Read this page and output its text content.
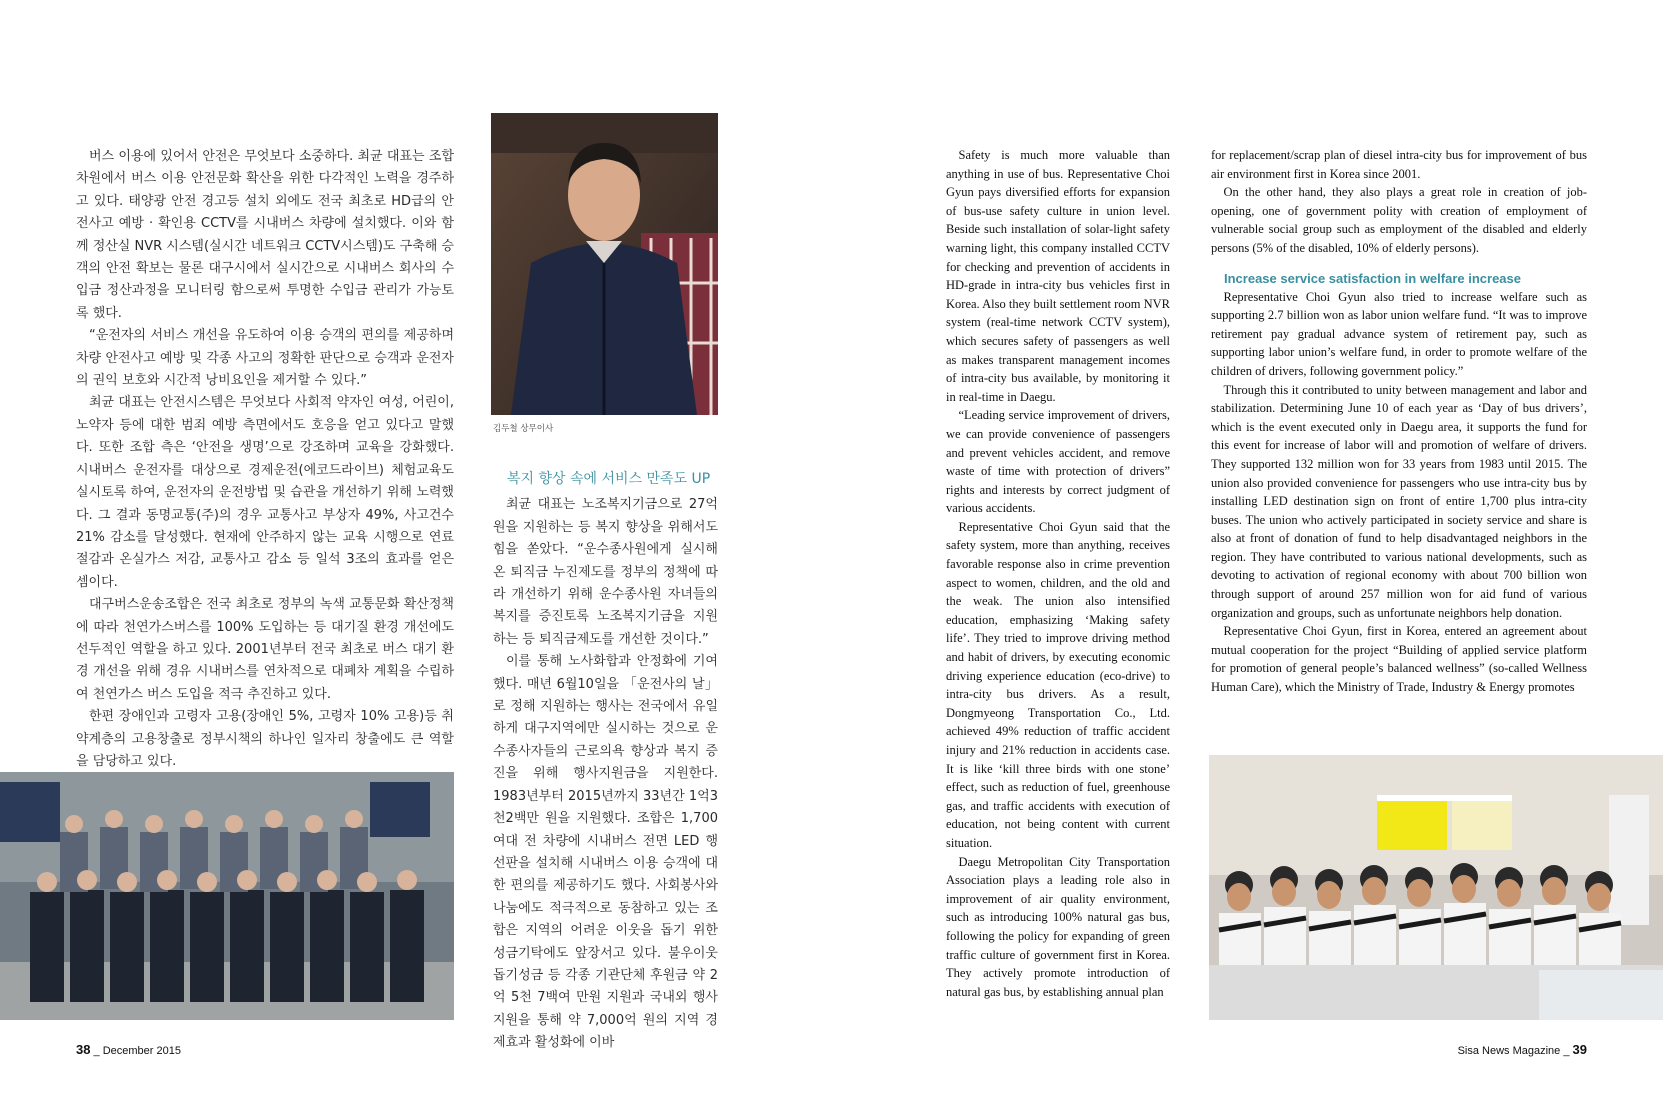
버스 이용에 있어서 안전은 무엇보다 소중하다. 최균 대표는 조합 차원에서 버스 이용 안전문화 확산을 위한 다각적인 노력을 경주하고 있다. 태양광 안전 경고등 설치 외에도 전국 최초로 HD급의 안전사고 예방 · 확인용 CCTV를 시내버스 차량에 설치했다. 이와 함께 정산실 NVR 시스템(실시간 네트워크 CCTV시스템)도 구축해 승객의 안전 확보는 물론 대구시에서 실시간으로 시내버스 회사의 수입금 정산과정을 모니터링 함으로써 투명한 수입금 관리가 가능토록 했다.

“운전자의 서비스 개선을 유도하여 이용 승객의 편의를 제공하며 차량 안전사고 예방 및 각종 사고의 정확한 판단으로 승객과 운전자의 권익 보호와 시간적 낭비요인을 제거할 수 있다.”

최균 대표는 안전시스템은 무엇보다 사회적 약자인 여성, 어린이, 노약자 등에 대한 범죄 예방 측면에서도 호응을 얻고 있다고 말했다. 또한 조합 측은 ‘안전을 생명’으로 강조하며 교육을 강화했다. 시내버스 운전자를 대상으로 경제운전(에코드라이브) 체험교육도 실시토록 하여, 운전자의 운전방법 및 습관을 개선하기 위해 노력했다. 그 결과 동명교통(주)의 경우 교통사고 부상자 49%, 사고건수 21% 감소를 달성했다. 현재에 안주하지 않는 교육 시행으로 연료절감과 온실가스 저감, 교통사고 감소 등 일석 3조의 효과를 얻은 셈이다.

대구버스운송조합은 전국 최초로 정부의 녹색 교통문화 확산정책에 따라 천연가스버스를 100% 도입하는 등 대기질 환경 개선에도 선두적인 역할을 하고 있다. 2001년부터 전국 최초로 버스 대기 환경 개선을 위해 경유 시내버스를 연차적으로 대폐차 계획을 수립하여 천연가스 버스 도입을 적극 추진하고 있다.

한편 장애인과 고령자 고용(장애인 5%, 고령자 10% 고용)등 취약계층의 고용창출로 정부시책의 하나인 일자리 창출에도 큰 역할을 담당하고 있다.

김두철 상무이사

복지 향상 속에 서비스 만족도 UP

최균 대표는 노조복지기금으로 27억 원을 지원하는 등 복지 향상을 위해서도 힘을 쏟았다. “운수종사원에게 실시해 온 퇴직금 누진제도를 정부의 정책에 따라 개선하기 위해 운수종사원 자녀들의 복지를 증진토록 노조복지기금을 지원하는 등 퇴직금제도를 개선한 것이다.”

이를 통해 노사화합과 안정화에 기여했다. 매년 6월10일을 「운전사의 날」로 정해 지원하는 행사는 전국에서 유일하게 대구지역에만 실시하는 것으로 운수종사자들의 근로의욕 향상과 복지 증진을 위해 행사지원금을 지원한다. 1983년부터 2015년까지 33년간 1억3천2백만 원을 지원했다. 조합은 1,700여대 전 차량에 시내버스 전면 LED 행선판을 설치해 시내버스 이용 승객에 대한 편의를 제공하기도 했다. 사회봉사와 나눔에도 적극적으로 동참하고 있는 조합은 지역의 어려운 이웃을 돕기 위한 성금기탁에도 앞장서고 있다. 불우이웃돕기성금 등 각종 기관단체 후원금 약 2억 5천 7백여 만원 지원과 국내외 행사 지원을 통해 약 7,000억 원의 지역 경제효과 활성화에 이바

38 _ December 2015

Safety is much more valuable than anything in use of bus. Representative Choi Gyun pays diversified efforts for expansion of bus-use safety culture in union level. Beside such installation of solar-light safety warning light, this company installed CCTV for checking and prevention of accidents in HD-grade in intra-city bus vehicles first in Korea. Also they built settlement room NVR system (real-time network CCTV system), which secures safety of passengers as well as makes transparent management incomes of intra-city bus available, by monitoring it in real-time in Daegu.

“Leading service improvement of drivers, we can provide convenience of passengers and prevent vehicles accident, and remove waste of time with protection of drivers” rights and interests by correct judgment of various accidents.

Representative Choi Gyun said that the safety system, more than anything, receives favorable response also in crime prevention aspect to women, children, and the old and the weak. The union also intensified education, emphasizing ‘Making safety life’. They tried to improve driving method and habit of drivers, by executing economic driving experience education (eco-drive) to intra-city bus drivers. As a result, Dongmyeong Transportation Co., Ltd. achieved 49% reduction of traffic accident injury and 21% reduction in accidents case. It is like ‘kill three birds with one stone’ effect, such as reduction of fuel, greenhouse gas, and traffic accidents with execution of education, not being content with current situation.

Daegu Metropolitan City Transportation Association plays a leading role also in improvement of air quality environment, such as introducing 100% natural gas bus, following the policy for expanding of green traffic culture of government first in Korea. They actively promote introduction of natural gas bus, by establishing annual plan

for replacement/scrap plan of diesel intra-city bus for improvement of bus air environment first in Korea since 2001.

On the other hand, they also plays a great role in creation of job-opening, one of government polity with creation of employment of vulnerable social group such as employment of the disabled and elderly persons (5% of the disabled, 10% of elderly persons).

Increase service satisfaction in welfare increase

Representative Choi Gyun also tried to increase welfare such as supporting 2.7 billion won as labor union welfare fund. “It was to improve retirement pay gradual advance system of retirement pay, such as supporting labor union’s welfare fund, in order to promote welfare of the children of drivers, following government policy.”

Through this it contributed to unity between management and labor and stabilization. Determining June 10 of each year as ‘Day of bus drivers’, which is the event executed only in Daegu area, it supports the fund for this event for increase of labor will and promotion of welfare of drivers. They supported 132 million won for 33 years from 1983 until 2015. The union also provided convenience for passengers who use intra-city bus by installing LED destination sign on front of entire 1,700 plus intra-city buses. The union who actively participated in society service and share is also at front of donation of fund to help disadvantaged neighbors in the region. They have contributed to various national developments, such as devoting to activation of regional economy with about 700 billion won through support of around 257 million won for aid fund of various organization and groups, such as unfortunate neighbors help donation.

Representative Choi Gyun, first in Korea, entered an agreement about mutual cooperation for the project “Building of applied service platform for promotion of general people’s balanced wellness” (so-called Wellness Human Care), which the Ministry of Trade, Industry & Energy promotes

Sisa News Magazine _ 39
